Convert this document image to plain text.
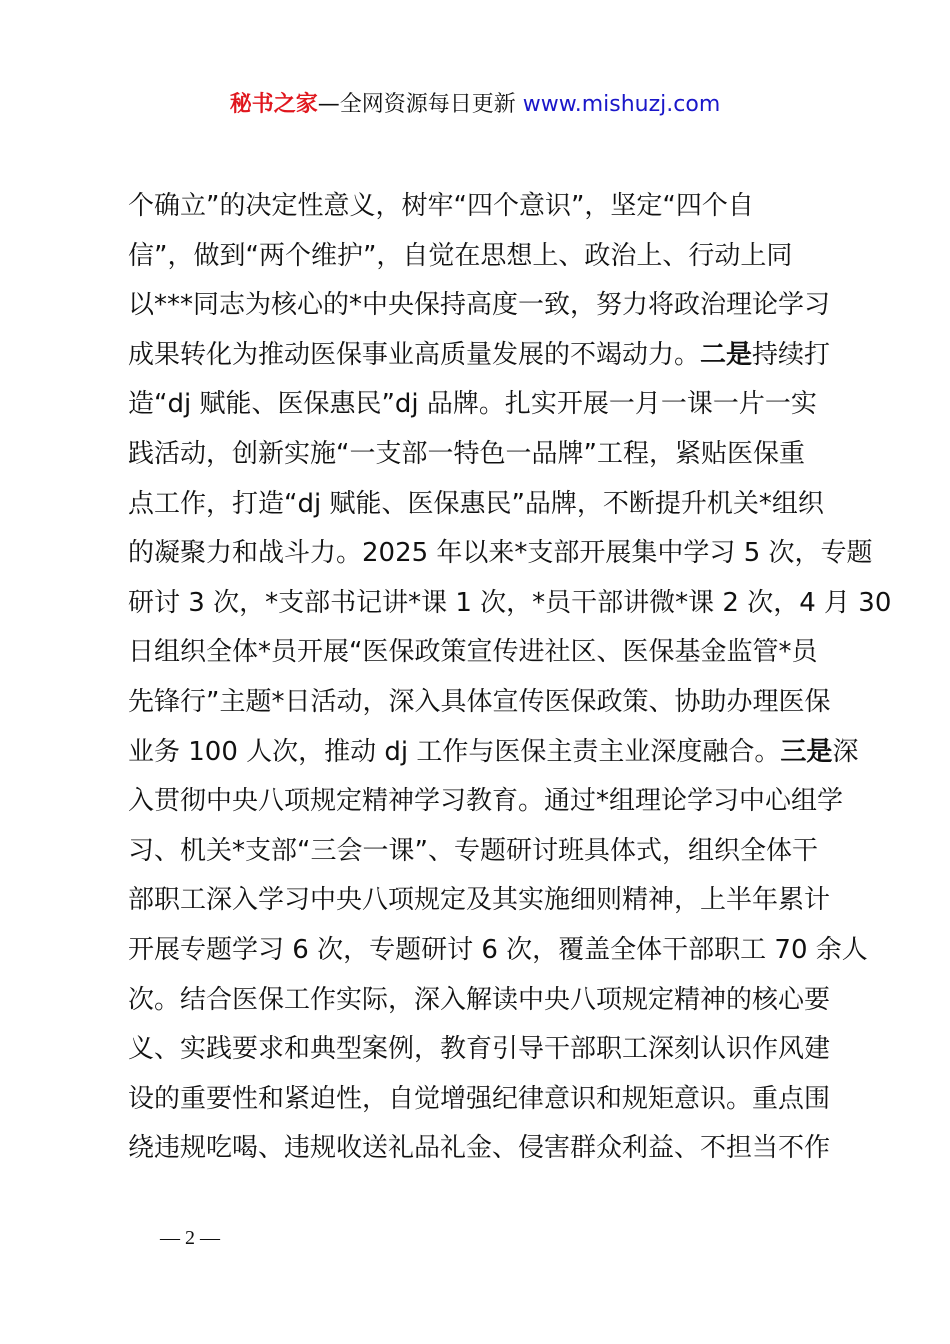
秘书之家—全网资源每日更新 www.mishuzj.com
个确立”的决定性意义，树牢“四个意识”，坚定“四个自
信”，做到“两个维护”，自觉在思想上、政治上、行动上同
以***同志为核心的*中央保持高度一致，努力将政治理论学习
成果转化为推动医保事业高质量发展的不竭动力。二是持续打
造“dj 赋能、医保惠民”dj 品牌。扎实开展一月一课一片一实
践活动，创新实施“一支部一特色一品牌”工程，紧贴医保重
点工作，打造“dj 赋能、医保惠民”品牌，不断提升机关*组织
的凝聚力和战斗力。2025 年以来*支部开展集中学习 5 次，专题
研讨 3 次，*支部书记讲*课 1 次，*员干部讲微*课 2 次，4 月 30
日组织全体*员开展“医保政策宣传进社区、医保基金监管*员
先锋行”主题*日活动，深入具体宣传医保政策、协助办理医保
业务 100 人次，推动 dj 工作与医保主责主业深度融合。三是深
入贯彻中央八项规定精神学习教育。通过*组理论学习中心组学
习、机关*支部“三会一课”、专题研讨班具体式，组织全体干
部职工深入学习中央八项规定及其实施细则精神，上半年累计
开展专题学习 6 次，专题研讨 6 次，覆盖全体干部职工 70 余人
次。结合医保工作实际，深入解读中央八项规定精神的核心要
义、实践要求和典型案例，教育引导干部职工深刻认识作风建
设的重要性和紧迫性，自觉增强纪律意识和规矩意识。重点围
绕违规吃喝、违规收送礼品礼金、侵害群众利益、不担当不作
— 2 —
